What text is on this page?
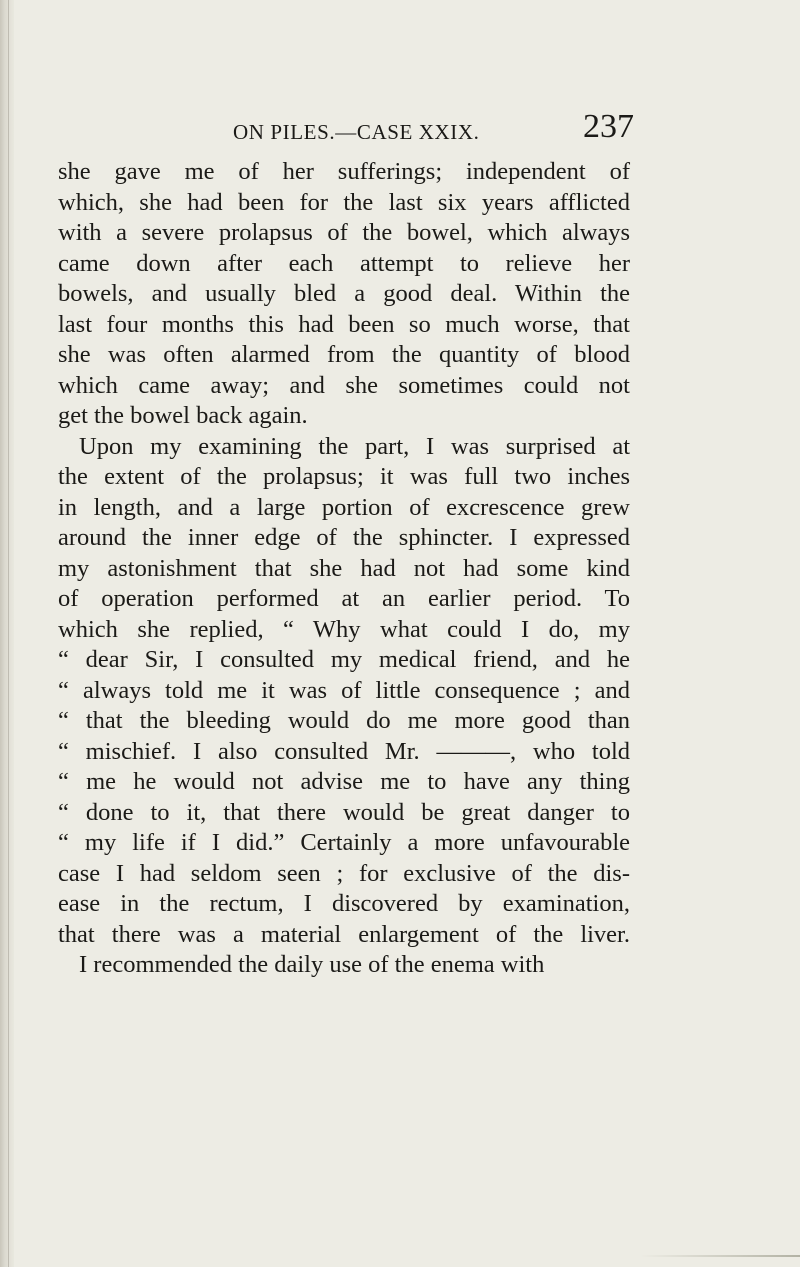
ON PILES.—CASE XXIX.	237
she gave me of her sufferings; independent of
which, she had been for the last six years afflicted
with a severe prolapsus of the bowel, which always
came down after each attempt to relieve her
bowels, and usually bled a good deal. Within the
last four months this had been so much worse, that
she was often alarmed from the quantity of blood
which came away; and she sometimes could not
get the bowel back again.
Upon my examining the part, I was surprised at
the extent of the prolapsus; it was full two inches
in length, and a large portion of excrescence grew
around the inner edge of the sphincter. I expressed
my astonishment that she had not had some kind
of operation performed at an earlier period. To
which she replied, “ Why what could I do, my
“ dear Sir, I consulted my medical friend, and he
“ always told me it was of little consequence ; and
“ that the bleeding would do me more good than
“ mischief. I also consulted Mr. ———, who told
“ me he would not advise me to have any thing
“ done to it, that there would be great danger to
“ my life if I did.” Certainly a more unfavourable
case I had seldom seen ; for exclusive of the dis-
ease in the rectum, I discovered by examination,
that there was a material enlargement of the liver.
I recommended the daily use of the enema with
